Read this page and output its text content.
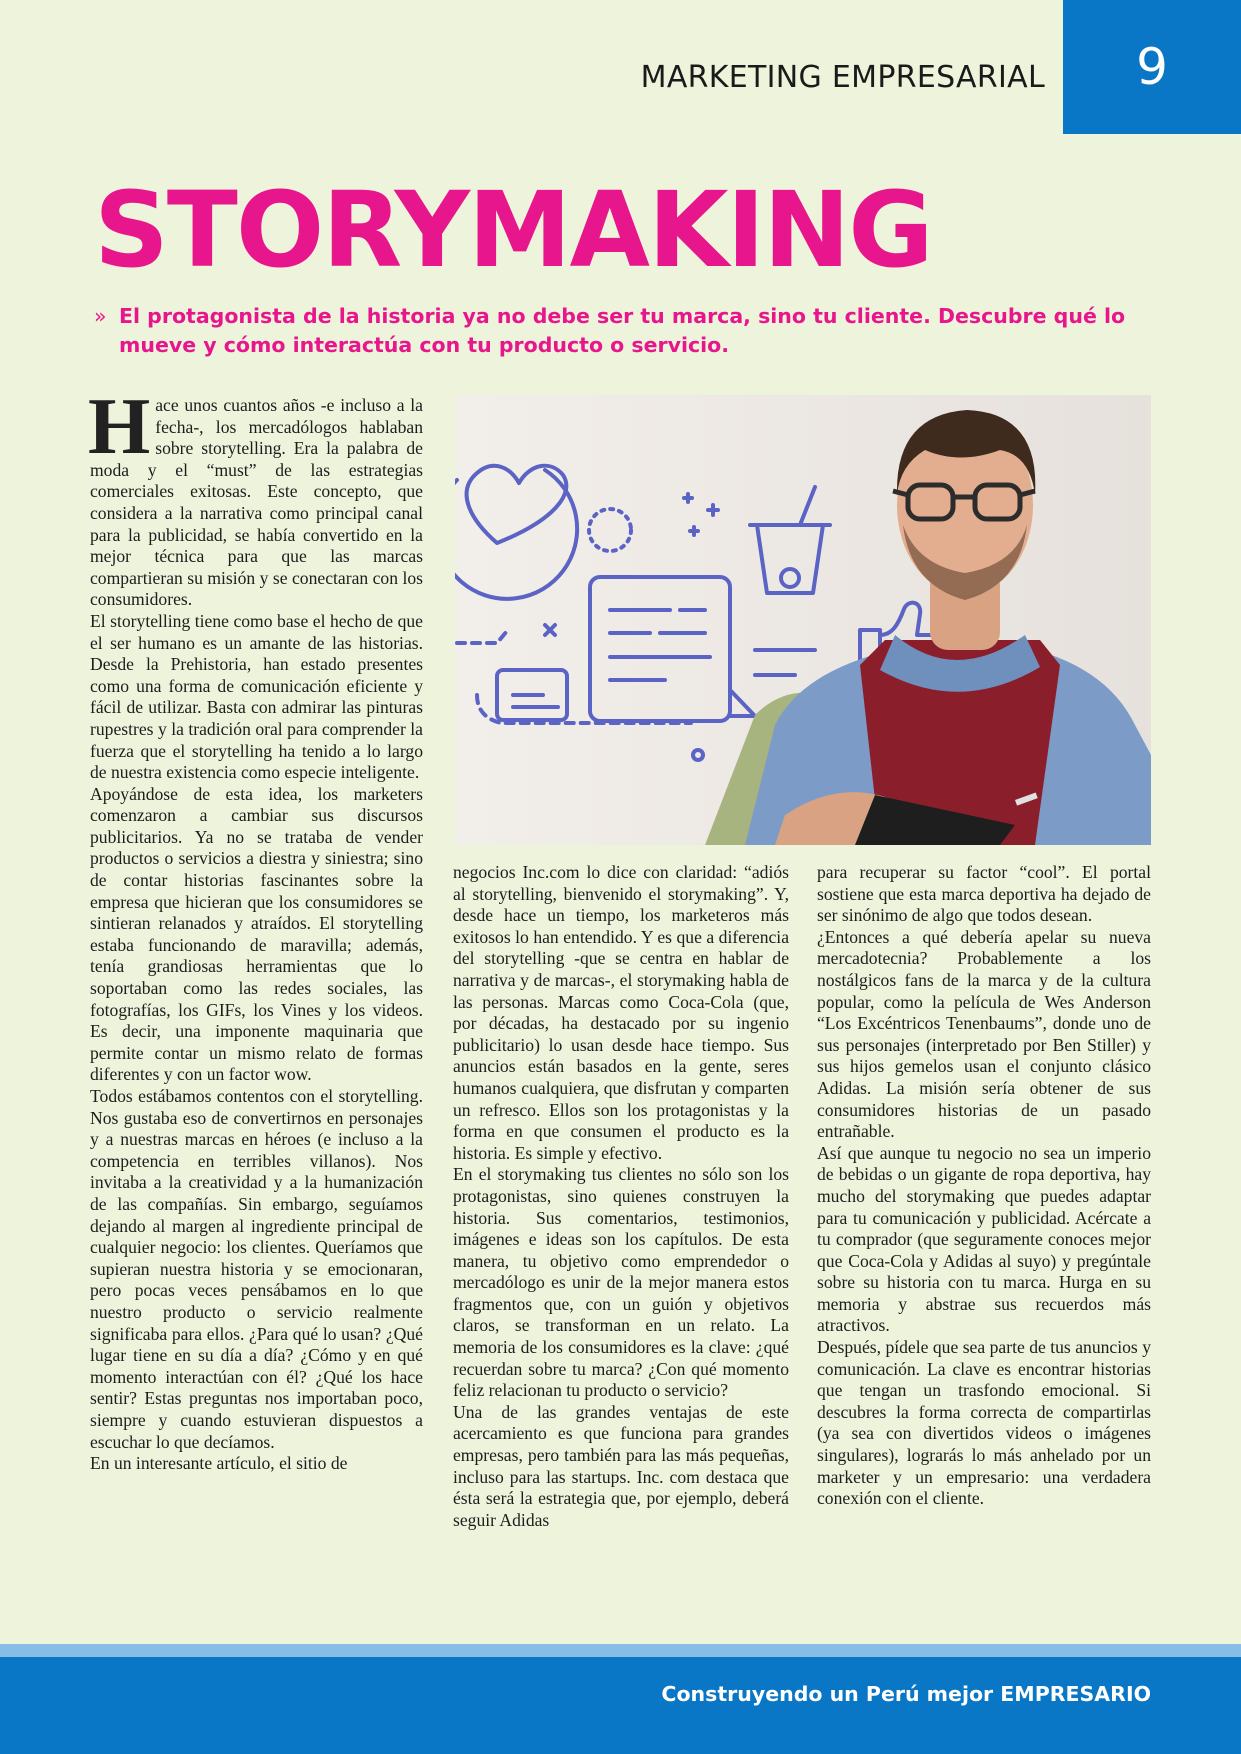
MARKETING EMPRESARIAL 9
STORYMAKING
» El protagonista de la historia ya no debe ser tu marca, sino tu cliente. Descubre qué lo mueve y cómo interactúa con tu producto o servicio.

Hace unos cuantos años -e incluso a la fecha-, los mercadólogos hablaban sobre storytelling. Era la palabra de moda y el “must” de las estrategias comerciales exitosas. Este concepto, que considera a la narrativa como principal canal para la publicidad, se había convertido en la mejor técnica para que las marcas compartieran su misión y se conectaran con los consumidores.

El storytelling tiene como base el hecho de que el ser humano es un amante de las historias. Desde la Prehistoria, han estado presentes como una forma de comunicación eficiente y fácil de utilizar. Basta con admirar las pinturas rupestres y la tradición oral para comprender la fuerza que el storytelling ha tenido a lo largo de nuestra existencia como especie inteligente.

Apoyándose de esta idea, los marketers comenzaron a cambiar sus discursos publicitarios. Ya no se trataba de vender productos o servicios a diestra y siniestra; sino de contar historias fascinantes sobre la empresa que hicieran que los consumidores se sintieran relanados y atraídos. El storytelling estaba funcionando de maravilla; además, tenía grandiosas herramientas que lo soportaban como las redes sociales, las fotografías, los GIFs, los Vines y los videos. Es decir, una imponente maquinaria que permite contar un mismo relato de formas diferentes y con un factor wow.

Todos estábamos contentos con el storytelling. Nos gustaba eso de convertirnos en personajes y a nuestras marcas en héroes (e incluso a la competencia en terribles villanos). Nos invitaba a la creatividad y a la humanización de las compañías. Sin embargo, seguíamos dejando al margen al ingrediente principal de cualquier negocio: los clientes. Queríamos que supieran nuestra historia y se emocionaran, pero pocas veces pensábamos en lo que nuestro producto o servicio realmente significaba para ellos. ¿Para qué lo usan? ¿Qué lugar tiene en su día a día? ¿Cómo y en qué momento interactúan con él? ¿Qué los hace sentir? Estas preguntas nos importaban poco, siempre y cuando estuvieran dispuestos a escuchar lo que decíamos.

En un interesante artículo, el sitio de

negocios Inc.com lo dice con claridad: “adiós al storytelling, bienvenido el storymaking”. Y, desde hace un tiempo, los marketeros más exitosos lo han entendido. Y es que a diferencia del storytelling -que se centra en hablar de narrativa y de marcas-, el storymaking habla de las personas. Marcas como Coca-Cola (que, por décadas, ha destacado por su ingenio publicitario) lo usan desde hace tiempo. Sus anuncios están basados en la gente, seres humanos cualquiera, que disfrutan y comparten un refresco. Ellos son los protagonistas y la forma en que consumen el producto es la historia. Es simple y efectivo.

En el storymaking tus clientes no sólo son los protagonistas, sino quienes construyen la historia. Sus comentarios, testimonios, imágenes e ideas son los capítulos. De esta manera, tu objetivo como emprendedor o mercadólogo es unir de la mejor manera estos fragmentos que, con un guión y objetivos claros, se transforman en un relato. La memoria de los consumidores es la clave: ¿qué recuerdan sobre tu marca? ¿Con qué momento feliz relacionan tu producto o servicio?

Una de las grandes ventajas de este acercamiento es que funciona para grandes empresas, pero también para las más pequeñas, incluso para las startups. Inc. com destaca que ésta será la estrategia que, por ejemplo, deberá seguir Adidas

para recuperar su factor “cool”. El portal sostiene que esta marca deportiva ha dejado de ser sinónimo de algo que todos desean.

¿Entonces a qué debería apelar su nueva mercadotecnia? Probablemente a los nostálgicos fans de la marca y de la cultura popular, como la película de Wes Anderson “Los Excéntricos Tenenbaums”, donde uno de sus personajes (interpretado por Ben Stiller) y sus hijos gemelos usan el conjunto clásico Adidas. La misión sería obtener de sus consumidores historias de un pasado entrañable.

Así que aunque tu negocio no sea un imperio de bebidas o un gigante de ropa deportiva, hay mucho del storymaking que puedes adaptar para tu comunicación y publicidad. Acércate a tu comprador (que seguramente conoces mejor que Coca-Cola y Adidas al suyo) y pregúntale sobre su historia con tu marca. Hurga en su memoria y abstrae sus recuerdos más atractivos.

Después, pídele que sea parte de tus anuncios y comunicación. La clave es encontrar historias que tengan un trasfondo emocional. Si descubres la forma correcta de compartirlas (ya sea con divertidos videos o imágenes singulares), lograrás lo más anhelado por un marketer y un empresario: una verdadera conexión con el cliente.

Construyendo un Perú mejor EMPRESARIO
